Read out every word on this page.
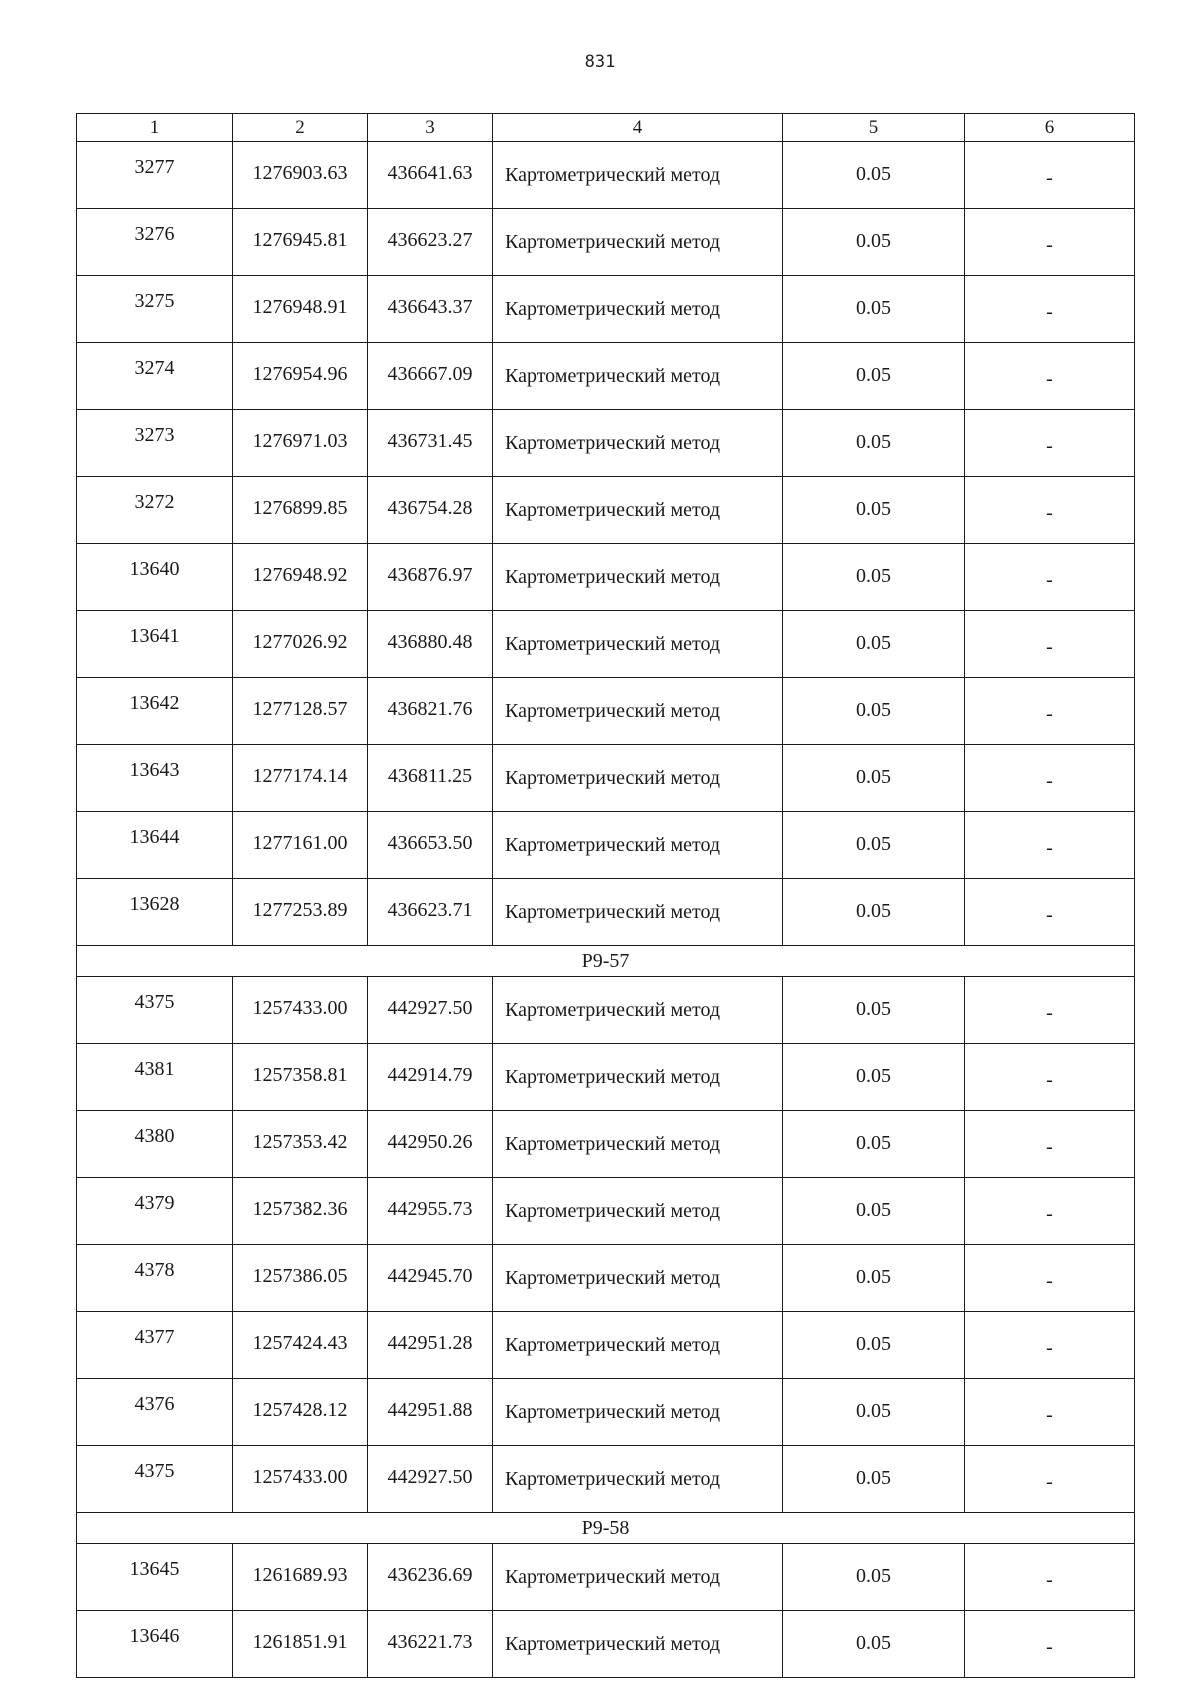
831
1	2	3	4	5	6
3277	1276903.63	436641.63	Картометрический метод	0.05	-
3276	1276945.81	436623.27	Картометрический метод	0.05	-
3275	1276948.91	436643.37	Картометрический метод	0.05	-
3274	1276954.96	436667.09	Картометрический метод	0.05	-
3273	1276971.03	436731.45	Картометрический метод	0.05	-
3272	1276899.85	436754.28	Картометрический метод	0.05	-
13640	1276948.92	436876.97	Картометрический метод	0.05	-
13641	1277026.92	436880.48	Картометрический метод	0.05	-
13642	1277128.57	436821.76	Картометрический метод	0.05	-
13643	1277174.14	436811.25	Картометрический метод	0.05	-
13644	1277161.00	436653.50	Картометрический метод	0.05	-
13628	1277253.89	436623.71	Картометрический метод	0.05	-
Р9-57					
4375	1257433.00	442927.50	Картометрический метод	0.05	-
4381	1257358.81	442914.79	Картометрический метод	0.05	-
4380	1257353.42	442950.26	Картометрический метод	0.05	-
4379	1257382.36	442955.73	Картометрический метод	0.05	-
4378	1257386.05	442945.70	Картометрический метод	0.05	-
4377	1257424.43	442951.28	Картометрический метод	0.05	-
4376	1257428.12	442951.88	Картометрический метод	0.05	-
4375	1257433.00	442927.50	Картометрический метод	0.05	-
Р9-58					
13645	1261689.93	436236.69	Картометрический метод	0.05	-
13646	1261851.91	436221.73	Картометрический метод	0.05	-
